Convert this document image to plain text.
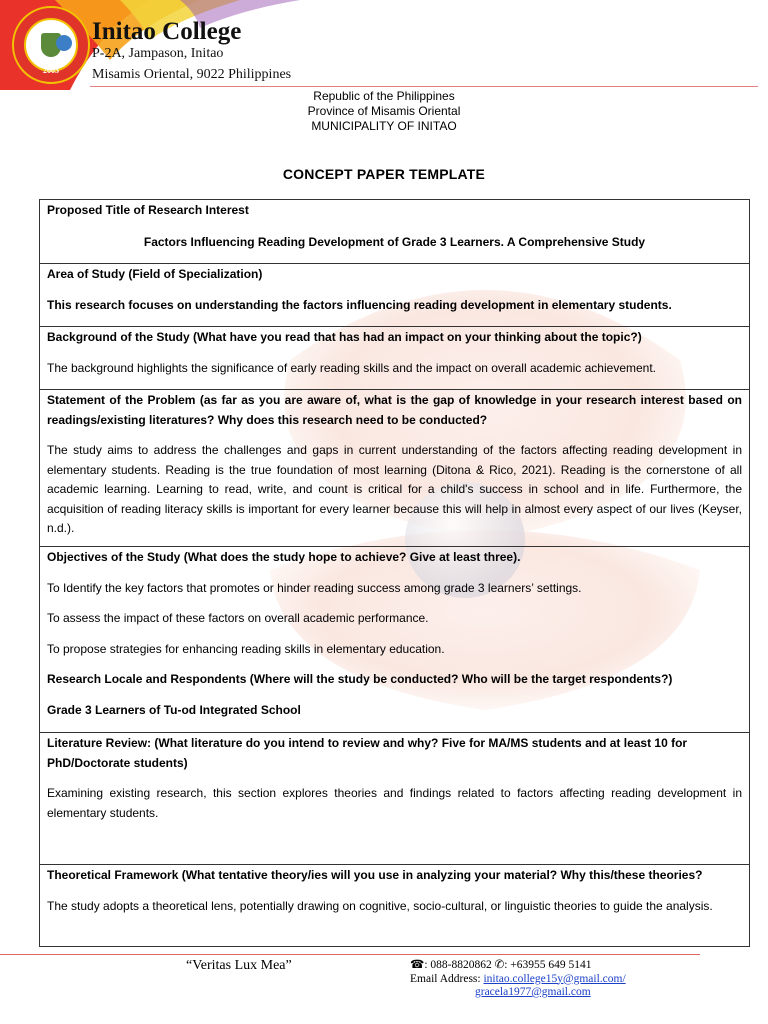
2003
Initao College
P-2A, Jampason, Initao
Misamis Oriental, 9022 Philippines
Republic of the Philippines
Province of Misamis Oriental
MUNICIPALITY OF INITAO
CONCEPT PAPER TEMPLATE

Proposed Title of Research Interest

Factors Influencing Reading Development of Grade 3 Learners. A Comprehensive Study

Area of Study (Field of Specialization)

This research focuses on understanding the factors influencing reading development in elementary students.

Background of the Study (What have you read that has had an impact on your thinking about the topic?)

The background highlights the significance of early reading skills and the impact on overall academic achievement.

Statement of the Problem (as far as you are aware of, what is the gap of knowledge in your research interest based on readings/existing literatures? Why does this research need to be conducted?

The study aims to address the challenges and gaps in current understanding of the factors affecting reading development in elementary students. Reading is the true foundation of most learning (Ditona & Rico, 2021). Reading is the cornerstone of all academic learning. Learning to read, write, and count is critical for a child's success in school and in life. Furthermore, the acquisition of reading literacy skills is important for every learner because this will help in almost every aspect of our lives (Keyser, n.d.).

Objectives of the Study (What does the study hope to achieve? Give at least three).

To Identify the key factors that promotes or hinder reading success among grade 3 learners’ settings.

To assess the impact of these factors on overall academic performance.

To propose strategies for enhancing reading skills in elementary education.

Research Locale and Respondents (Where will the study be conducted? Who will be the target respondents?)

Grade 3 Learners of Tu-od Integrated School

Literature Review: (What literature do you intend to review and why? Five for MA/MS students and at least 10 for PhD/Doctorate students)

Examining existing research, this section explores theories and findings related to factors affecting reading development in elementary students.

Theoretical Framework (What tentative theory/ies will you use in analyzing your material? Why this/these theories?

The study adopts a theoretical lens, potentially drawing on cognitive, socio-cultural, or linguistic theories to guide the analysis.

“Veritas Lux Mea”	☎: 088-8820862 ✆: +63955 649 5141
Email Address: initao.college15y@gmail.com/
gracela1977@gmail.com
